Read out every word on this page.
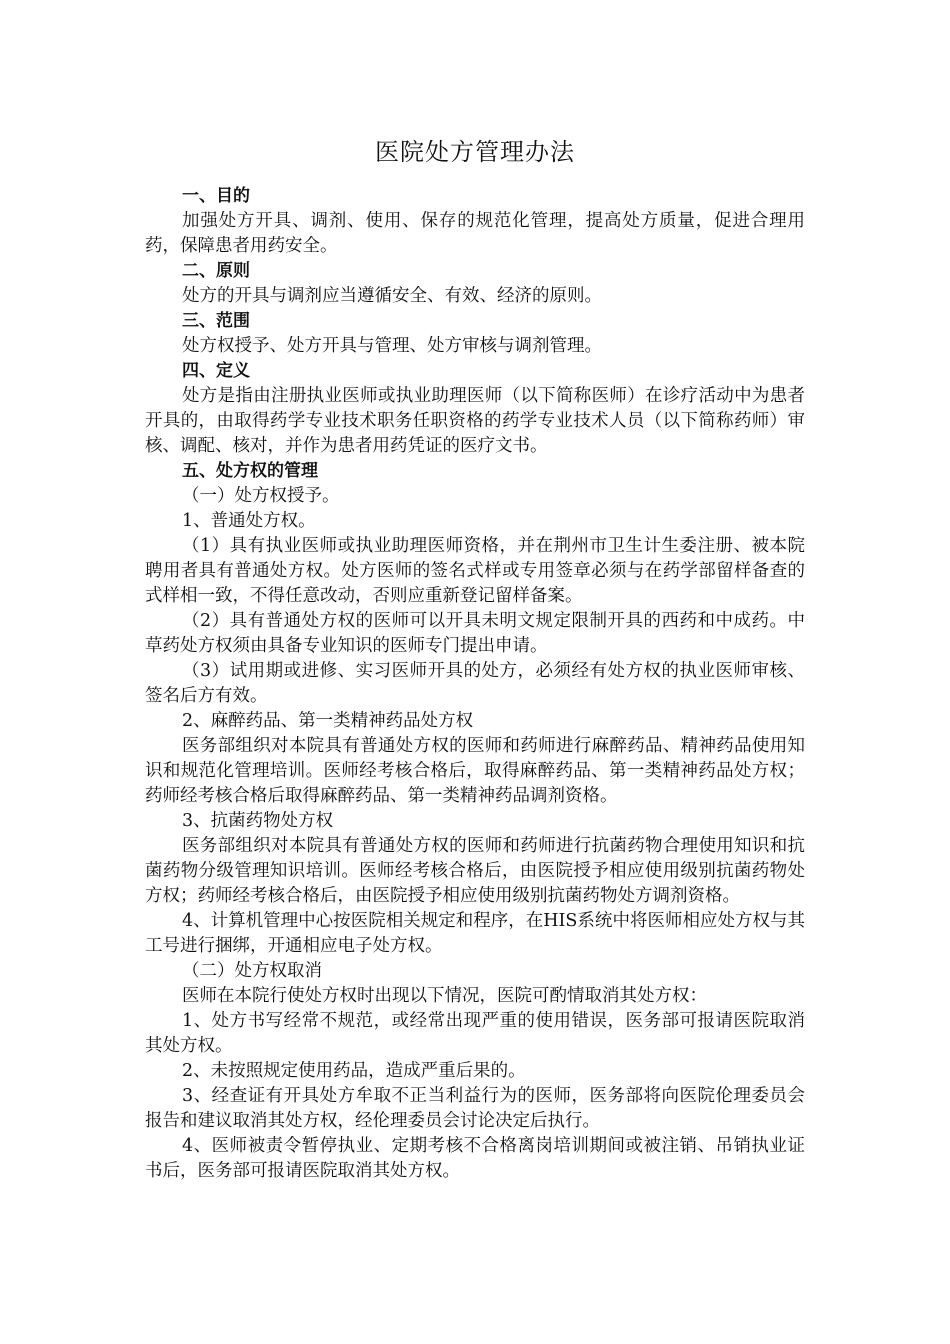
医院处方管理办法

一、目的

加强处方开具、调剂、使用、保存的规范化管理，提高处方质量，促进合理用药，保障患者用药安全。

二、原则

处方的开具与调剂应当遵循安全、有效、经济的原则。

三、范围

处方权授予、处方开具与管理、处方审核与调剂管理。

四、定义

处方是指由注册执业医师或执业助理医师（以下简称医师）在诊疗活动中为患者开具的，由取得药学专业技术职务任职资格的药学专业技术人员（以下简称药师）审核、调配、核对，并作为患者用药凭证的医疗文书。

五、处方权的管理

（一）处方权授予。

1、普通处方权。

（1）具有执业医师或执业助理医师资格，并在荆州市卫生计生委注册、被本院聘用者具有普通处方权。处方医师的签名式样或专用签章必须与在药学部留样备查的式样相一致，不得任意改动，否则应重新登记留样备案。

（2）具有普通处方权的医师可以开具未明文规定限制开具的西药和中成药。中草药处方权须由具备专业知识的医师专门提出申请。

（3）试用期或进修、实习医师开具的处方，必须经有处方权的执业医师审核、签名后方有效。

2、麻醉药品、第一类精神药品处方权

医务部组织对本院具有普通处方权的医师和药师进行麻醉药品、精神药品使用知识和规范化管理培训。医师经考核合格后，取得麻醉药品、第一类精神药品处方权；药师经考核合格后取得麻醉药品、第一类精神药品调剂资格。

3、抗菌药物处方权

医务部组织对本院具有普通处方权的医师和药师进行抗菌药物合理使用知识和抗菌药物分级管理知识培训。医师经考核合格后，由医院授予相应使用级别抗菌药物处方权；药师经考核合格后，由医院授予相应使用级别抗菌药物处方调剂资格。

4、计算机管理中心按医院相关规定和程序，在HIS系统中将医师相应处方权与其工号进行捆绑，开通相应电子处方权。

（二）处方权取消

医师在本院行使处方权时出现以下情况，医院可酌情取消其处方权：

1、处方书写经常不规范，或经常出现严重的使用错误，医务部可报请医院取消其处方权。

2、未按照规定使用药品，造成严重后果的。

3、经查证有开具处方牟取不正当利益行为的医师，医务部将向医院伦理委员会报告和建议取消其处方权，经伦理委员会讨论决定后执行。

4、医师被责令暂停执业、定期考核不合格离岗培训期间或被注销、吊销执业证书后，医务部可报请医院取消其处方权。
